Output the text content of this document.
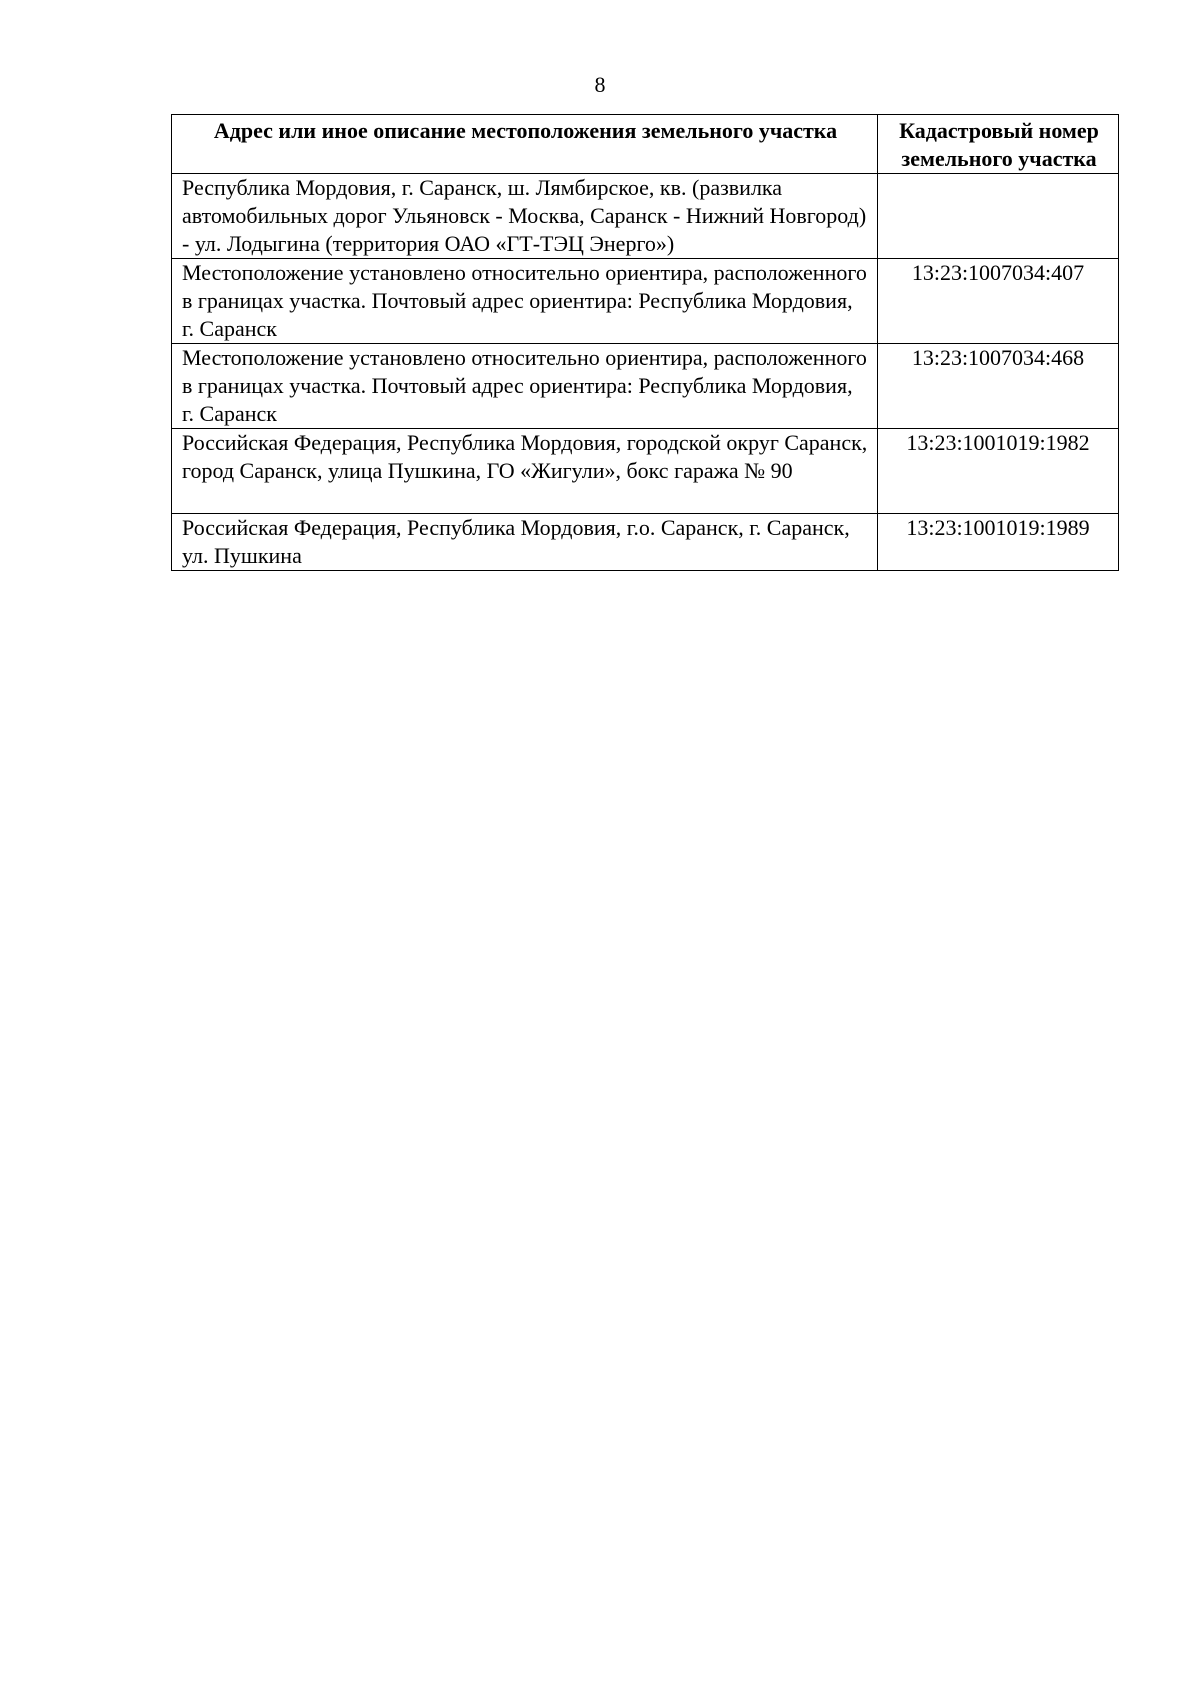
8
Адрес или иное описание местоположения земельного участка	Кадастровый номер земельного участка
Республика Мордовия, г. Саранск, ш. Лямбирское, кв. (развилка автомобильных дорог Ульяновск - Москва, Саранск - Нижний Новгород) - ул. Лодыгина (территория ОАО «ГТ-ТЭЦ Энерго»)	
Местоположение установлено относительно ориентира, расположенного в границах участка. Почтовый адрес ориентира: Республика Мордовия, г. Саранск	13:23:1007034:407
Местоположение установлено относительно ориентира, расположенного в границах участка. Почтовый адрес ориентира: Республика Мордовия, г. Саранск	13:23:1007034:468
Российская Федерация, Республика Мордовия, городской округ Саранск, город Саранск, улица Пушкина, ГО «Жигули», бокс гаража № 90	13:23:1001019:1982
Российская Федерация, Республика Мордовия, г.о. Саранск, г. Саранск, ул. Пушкина	13:23:1001019:1989
